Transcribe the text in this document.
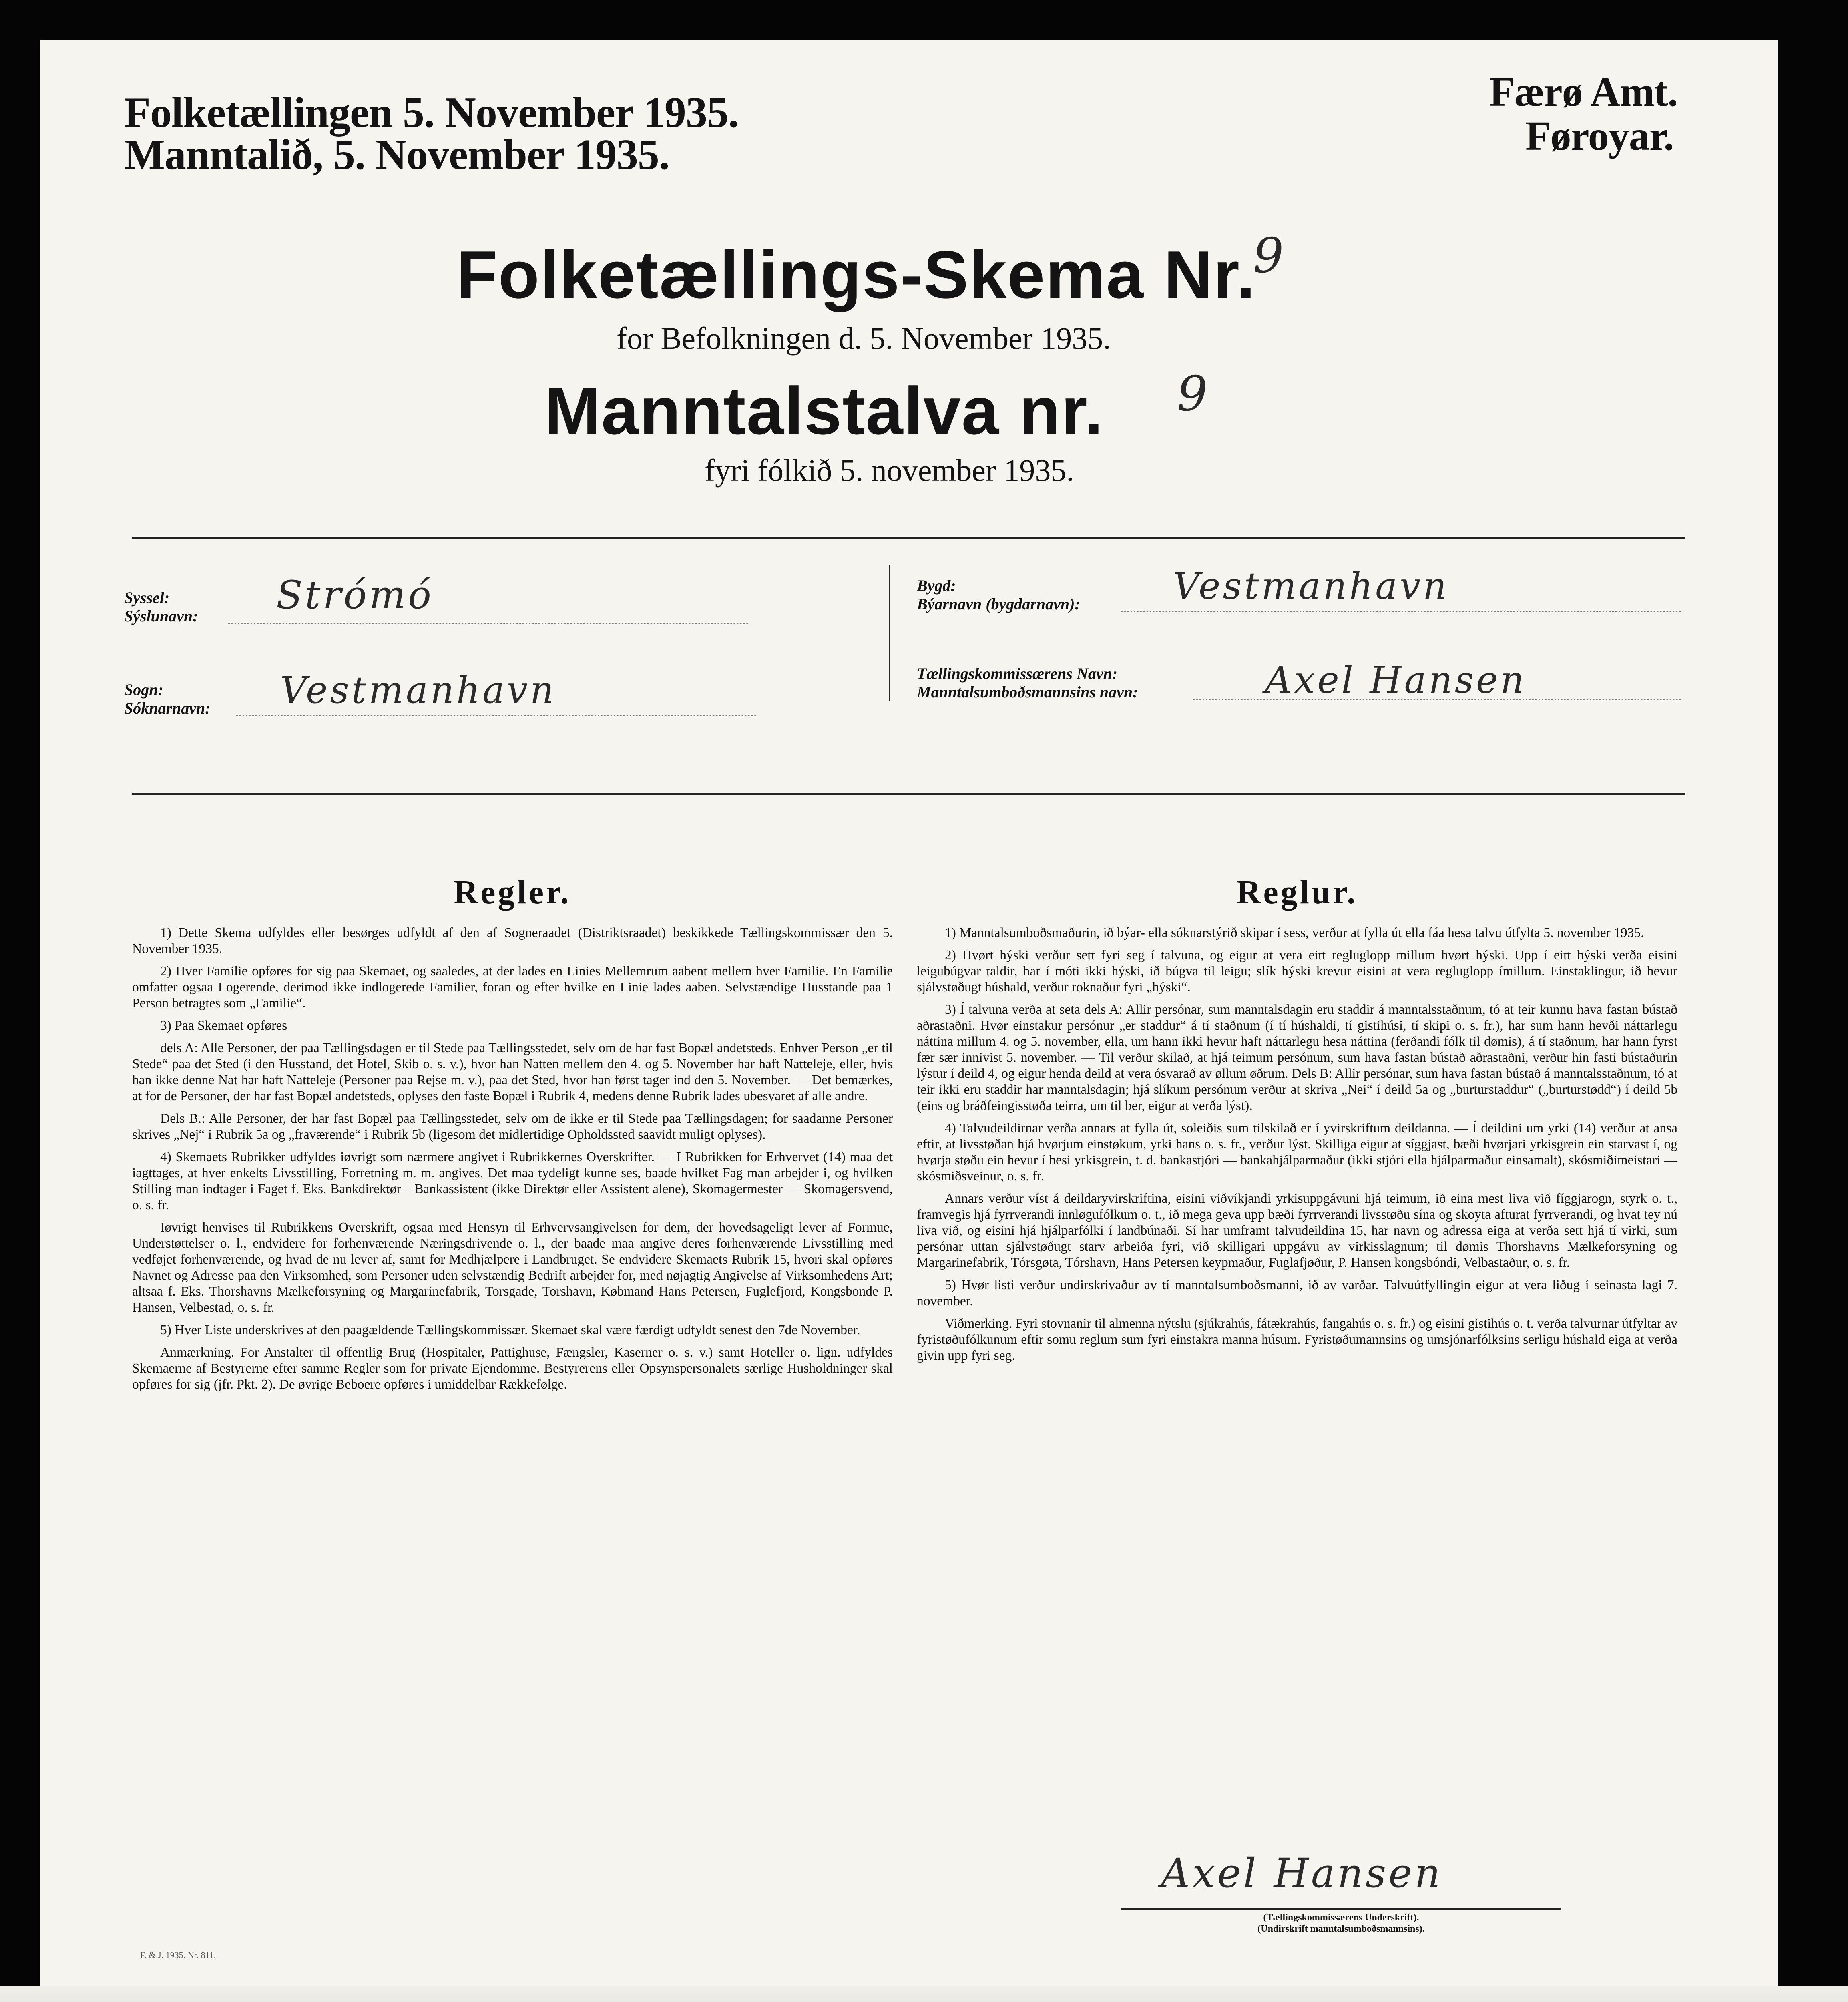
Folketællingen 5. November 1935.
Manntalið, 5. November 1935.
Færø Amt.
Føroyar.
Folketællings-Skema Nr.
9
for Befolkningen d. 5. November 1935.
Manntalstalva nr. 9
fyri fólkið 5. november 1935.
Syssel:
Sýslunavn: Strómó
Sogn:
Sóknarnavn: Vestmanhavn
Bygd:
Býarnavn (bygdarnavn):	Vestmanhavn
Tællingskommissærens Navn:
Manntalsumboðsmannsins navn:	Axel Hansen
Regler.

1) Dette Skema udfyldes eller besørges udfyldt af den af Sogneraadet (Distriktsraadet) beskikkede Tællingskommissær den 5. November 1935.

2) Hver Familie opføres for sig paa Skemaet, og saaledes, at der lades en Linies Mellemrum aabent mellem hver Familie. En Familie omfatter ogsaa Logerende, derimod ikke indlogerede Familier, foran og efter hvilke en Linie lades aaben. Selvstændige Husstande paa 1 Person betragtes som „Familie“.

3) Paa Skemaet opføres

dels A: Alle Personer, der paa Tællingsdagen er til Stede paa Tællingsstedet, selv om de har fast Bopæl andetsteds. Enhver Person „er til Stede“ paa det Sted (i den Husstand, det Hotel, Skib o. s. v.), hvor han Natten mellem den 4. og 5. November har haft Natteleje, eller, hvis han ikke denne Nat har haft Natteleje (Personer paa Rejse m. v.), paa det Sted, hvor han først tager ind den 5. November. — Det bemærkes, at for de Personer, der har fast Bopæl andetsteds, oplyses den faste Bopæl i Rubrik 4, medens denne Rubrik lades ubesvaret af alle andre.

Dels B.: Alle Personer, der har fast Bopæl paa Tællingsstedet, selv om de ikke er til Stede paa Tællingsdagen; for saadanne Personer skrives „Nej“ i Rubrik 5a og „fraværende“ i Rubrik 5b (ligesom det midlertidige Opholdssted saavidt muligt oplyses).

4) Skemaets Rubrikker udfyldes iøvrigt som nærmere angivet i Rubrikkernes Overskrifter. — I Rubrikken for Erhvervet (14) maa det iagttages, at hver enkelts Livsstilling, Forretning m. m. angives. Det maa tydeligt kunne ses, baade hvilket Fag man arbejder i, og hvilken Stilling man indtager i Faget f. Eks. Bankdirektør—Bankassistent (ikke Direktør eller Assistent alene), Skomagermester — Skomagersvend, o. s. fr.

Iøvrigt henvises til Rubrikkens Overskrift, ogsaa med Hensyn til Erhvervsangivelsen for dem, der hovedsageligt lever af Formue, Understøttelser o. l., endvidere for forhenværende Næringsdrivende o. l., der baade maa angive deres forhenværende Livsstilling med vedføjet forhenværende, og hvad de nu lever af, samt for Medhjælpere i Landbruget. Se endvidere Skemaets Rubrik 15, hvori skal opføres Navnet og Adresse paa den Virksomhed, som Personer uden selvstændig Bedrift arbejder for, med nøjagtig Angivelse af Virksomhedens Art; altsaa f. Eks. Thorshavns Mælkeforsyning og Margarinefabrik, Torsgade, Torshavn, Købmand Hans Petersen, Fuglefjord, Kongsbonde P. Hansen, Velbestad, o. s. fr.

5) Hver Liste underskrives af den paagældende Tællingskommissær. Skemaet skal være færdigt udfyldt senest den 7de November.

Anmærkning. For Anstalter til offentlig Brug (Hospitaler, Pattighuse, Fængsler, Kaserner o. s. v.) samt Hoteller o. lign. udfyldes Skemaerne af Bestyrerne efter samme Regler som for private Ejendomme. Bestyrerens eller Opsynspersonalets særlige Husholdninger skal opføres for sig (jfr. Pkt. 2). De øvrige Beboere opføres i umiddelbar Rækkefølge.

Reglur.

1) Manntalsumboðsmaðurin, ið býar- ella sóknarstýrið skipar í sess, verður at fylla út ella fáa hesa talvu útfylta 5. november 1935.

2) Hvørt hýski verður sett fyri seg í talvuna, og eigur at vera eitt regluglopp millum hvørt hýski. Upp í eitt hýski verða eisini leigubúgvar taldir, har í móti ikki hýski, ið búgva til leigu; slík hýski krevur eisini at vera regluglopp ímillum. Einstaklingur, ið hevur sjálvstøðugt húshald, verður roknaður fyri „hýski“.

3) Í talvuna verða at seta dels A: Allir persónar, sum manntalsdagin eru staddir á manntalsstaðnum, tó at teir kunnu hava fastan bústað aðrastaðni. Hvør einstakur persónur „er staddur“ á tí staðnum (í tí húshaldi, tí gistihúsi, tí skipi o. s. fr.), har sum hann hevði náttarlegu náttina millum 4. og 5. november, ella, um hann ikki hevur haft náttarlegu hesa náttina (ferðandi fólk til dømis), á tí staðnum, har hann fyrst fær sær innivist 5. november. — Til verður skilað, at hjá teimum persónum, sum hava fastan bústað aðrastaðni, verður hin fasti bústaðurin lýstur í deild 4, og eigur henda deild at vera ósvarað av øllum øðrum. Dels B: Allir persónar, sum hava fastan bústað á manntalsstaðnum, tó at teir ikki eru staddir har manntalsdagin; hjá slíkum persónum verður at skriva „Nei“ í deild 5a og „burturstaddur“ („burturstødd“) í deild 5b (eins og bráðfeingisstøða teirra, um til ber, eigur at verða lýst).

4) Talvudeildirnar verða annars at fylla út, soleiðis sum tilskilað er í yvirskriftum deildanna. — Í deildini um yrki (14) verður at ansa eftir, at livsstøðan hjá hvørjum einstøkum, yrki hans o. s. fr., verður lýst. Skilliga eigur at síggjast, bæði hvørjari yrkisgrein ein starvast í, og hvørja støðu ein hevur í hesi yrkisgrein, t. d. bankastjóri — bankahjálparmaður (ikki stjóri ella hjálparmaður einsamalt), skósmiðimeistari — skósmiðsveinur, o. s. fr.

Annars verður víst á deildaryvirskriftina, eisini viðvíkjandi yrkisuppgávuni hjá teimum, ið eina mest liva við fíggjarogn, styrk o. t., framvegis hjá fyrrverandi innløgufólkum o. t., ið mega geva upp bæði fyrrverandi livsstøðu sína og skoyta afturat fyrrverandi, og hvat tey nú liva við, og eisini hjá hjálparfólki í landbúnaði. Sí har umframt talvudeildina 15, har navn og adressa eiga at verða sett hjá tí virki, sum persónar uttan sjálvstøðugt starv arbeiða fyri, við skilligari uppgávu av virkisslagnum; til dømis Thorshavns Mælkeforsyning og Margarinefabrik, Tórsgøta, Tórshavn, Hans Petersen keypmaður, Fuglafjøður, P. Hansen kongsbóndi, Velbastaður, o. s. fr.

5) Hvør listi verður undirskrivaður av tí manntalsumboðsmanni, ið av varðar. Talvuútfyllingin eigur at vera liðug í seinasta lagi 7. november.

Viðmerking. Fyri stovnanir til almenna nýtslu (sjúkrahús, fátækrahús, fangahús o. s. fr.) og eisini gistihús o. t. verða talvurnar útfyltar av fyristøðufólkunum eftir somu reglum sum fyri einstakra manna húsum. Fyristøðumannsins og umsjónarfólksins serligu húshald eiga at verða givin upp fyri seg.

Axel Hansen
(Tællingskommissærens Underskrift).
(Undirskrift manntalsumboðsmannsins).
F. & J. 1935. Nr. 811.
